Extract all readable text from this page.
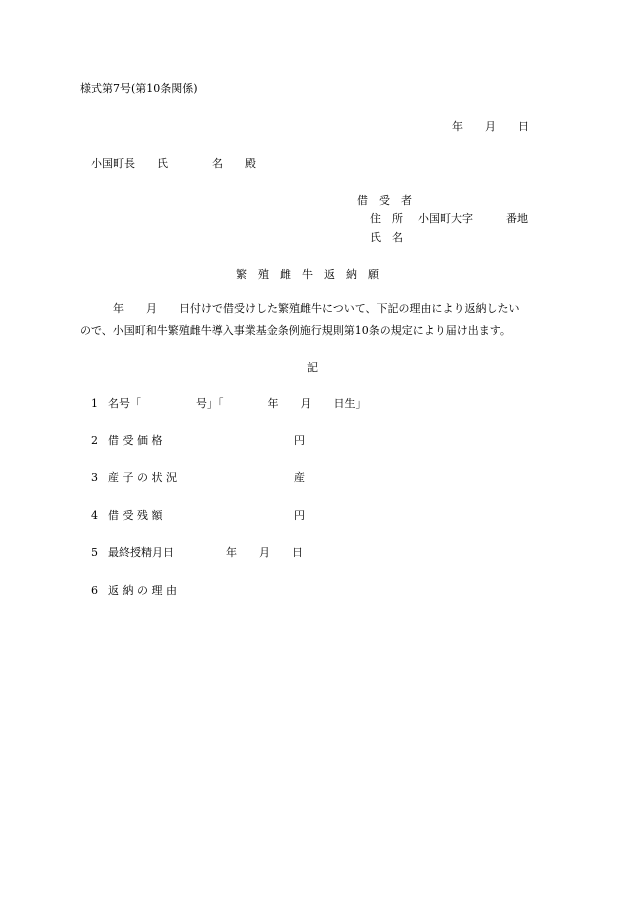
様式第7号(第10条関係)
年　　月　　日
小国町長　　氏　　　　名　　殿
借　受　者
住　所 小国町大字　　　番地
氏　名
繁　殖　雌　牛　返　納　願

　　　年　　月　　日付けで借受けした繁殖雌牛について、下記の理由により返納したい

ので、小国町和牛繁殖雌牛導入事業基金条例施行規則第10条の規定により届け出ます。

記
1 名号「　　　　　号」「　　　　年　　月　　日生」
2 借 受 価 格	円
3 産 子 の 状 況	産
4 借 受 残 額	円
5 最終授精月日	年　　月　　日
6 返 納 の 理 由
